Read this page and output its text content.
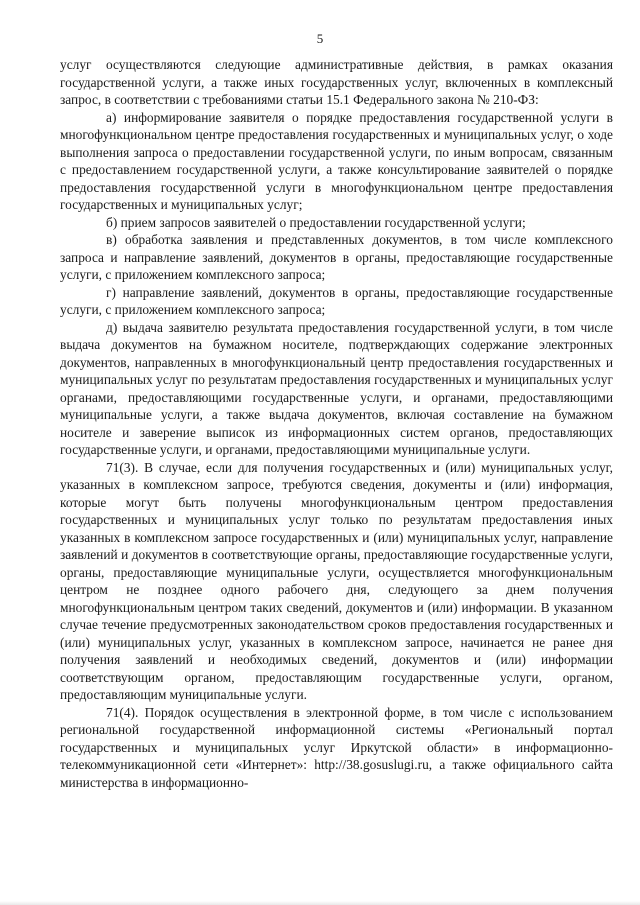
5

услуг осуществляются следующие административные действия, в рамках оказания государственной услуги, а также иных государственных услуг, включенных в комплексный запрос, в соответствии с требованиями статьи 15.1 Федерального закона № 210-ФЗ:

а) информирование заявителя о порядке предоставления государственной услуги в многофункциональном центре предоставления государственных и муниципальных услуг, о ходе выполнения запроса о предоставлении государственной услуги, по иным вопросам, связанным с предоставлением государственной услуги, а также консультирование заявителей о порядке предоставления государственной услуги в многофункциональном центре предоставления государственных и муниципальных услуг;

б) прием запросов заявителей о предоставлении государственной услуги;

в) обработка заявления и представленных документов, в том числе комплексного запроса и направление заявлений, документов в органы, предоставляющие государственные услуги, с приложением комплексного запроса;

г) направление заявлений, документов в органы, предоставляющие государственные услуги, с приложением комплексного запроса;

д) выдача заявителю результата предоставления государственной услуги, в том числе выдача документов на бумажном носителе, подтверждающих содержание электронных документов, направленных в многофункциональный центр предоставления государственных и муниципальных услуг по результатам предоставления государственных и муниципальных услуг органами, предоставляющими государственные услуги, и органами, предоставляющими муниципальные услуги, а также выдача документов, включая составление на бумажном носителе и заверение выписок из информационных систем органов, предоставляющих государственные услуги, и органами, предоставляющими муниципальные услуги.

71(3). В случае, если для получения государственных и (или) муниципальных услуг, указанных в комплексном запросе, требуются сведения, документы и (или) информация, которые могут быть получены многофункциональным центром предоставления государственных и муниципальных услуг только по результатам предоставления иных указанных в комплексном запросе государственных и (или) муниципальных услуг, направление заявлений и документов в соответствующие органы, предоставляющие государственные услуги, органы, предоставляющие муниципальные услуги, осуществляется многофункциональным центром не позднее одного рабочего дня, следующего за днем получения многофункциональным центром таких сведений, документов и (или) информации. В указанном случае течение предусмотренных законодательством сроков предоставления государственных и (или) муниципальных услуг, указанных в комплексном запросе, начинается не ранее дня получения заявлений и необходимых сведений, документов и (или) информации соответствующим органом, предоставляющим государственные услуги, органом, предоставляющим муниципальные услуги.

71(4). Порядок осуществления в электронной форме, в том числе с использованием региональной государственной информационной системы «Региональный портал государственных и муниципальных услуг Иркутской области» в информационно-телекоммуникационной сети «Интернет»: http://38.gosuslugi.ru, а также официального сайта министерства в информационно-
